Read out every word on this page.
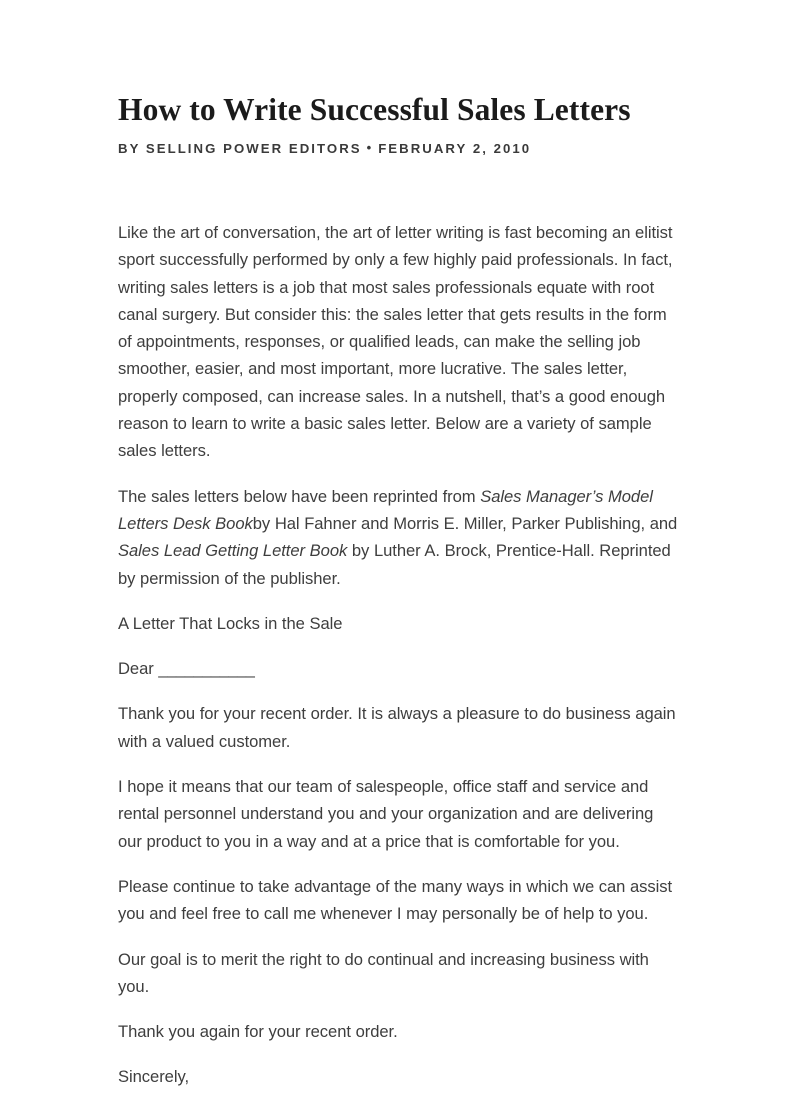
How to Write Successful Sales Letters
BY SELLING POWER EDITORS • FEBRUARY 2, 2010

Like the art of conversation, the art of letter writing is fast becoming an elitist sport successfully performed by only a few highly paid professionals. In fact, writing sales letters is a job that most sales professionals equate with root canal surgery. But consider this: the sales letter that gets results in the form of appointments, responses, or qualified leads, can make the selling job smoother, easier, and most important, more lucrative. The sales letter, properly composed, can increase sales. In a nutshell, that’s a good enough reason to learn to write a basic sales letter. Below are a variety of sample sales letters.

The sales letters below have been reprinted from Sales Manager’s Model Letters Desk Bookby Hal Fahner and Morris E. Miller, Parker Publishing, and Sales Lead Getting Letter Book by Luther A. Brock, Prentice-Hall. Reprinted by permission of the publisher.

A Letter That Locks in the Sale

Dear ___________

Thank you for your recent order. It is always a pleasure to do business again with a valued customer.

I hope it means that our team of salespeople, office staff and service and rental personnel understand you and your organization and are delivering our product to you in a way and at a price that is comfortable for you.

Please continue to take advantage of the many ways in which we can assist you and feel free to call me whenever I may personally be of help to you.

Our goal is to merit the right to do continual and increasing business with you.

Thank you again for your recent order.

Sincerely,
